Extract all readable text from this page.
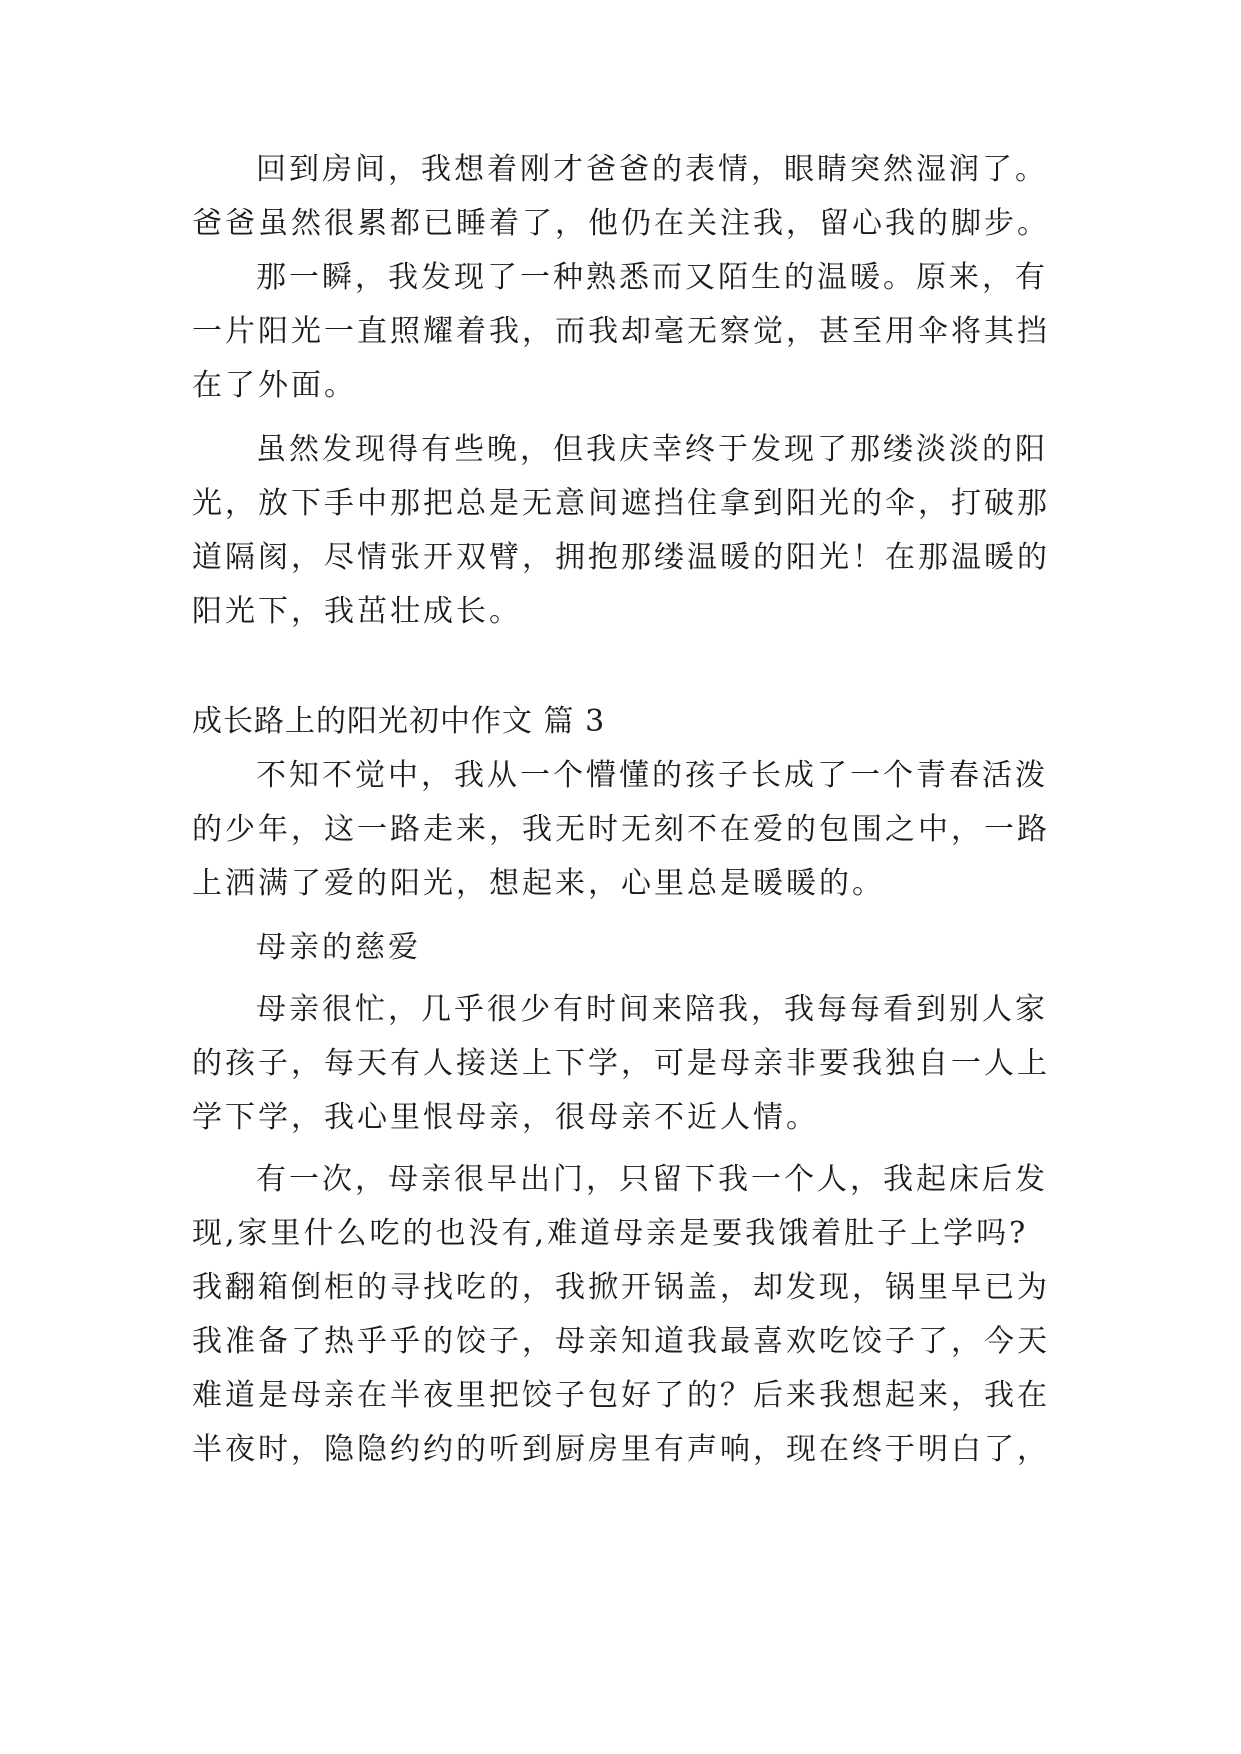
回到房间，我想着刚才爸爸的表情，眼睛突然湿润了。

爸爸虽然很累都已睡着了，他仍在关注我，留心我的脚步。

那一瞬，我发现了一种熟悉而又陌生的温暖。原来，有

一片阳光一直照耀着我，而我却毫无察觉，甚至用伞将其挡

在了外面。

虽然发现得有些晚，但我庆幸终于发现了那缕淡淡的阳

光，放下手中那把总是无意间遮挡住拿到阳光的伞，打破那

道隔阂，尽情张开双臂，拥抱那缕温暖的阳光！在那温暖的

阳光下，我茁壮成长。

成长路上的阳光初中作文 篇 3

不知不觉中，我从一个懵懂的孩子长成了一个青春活泼

的少年，这一路走来，我无时无刻不在爱的包围之中，一路

上洒满了爱的阳光，想起来，心里总是暖暖的。

母亲的慈爱

母亲很忙，几乎很少有时间来陪我，我每每看到别人家

的孩子，每天有人接送上下学，可是母亲非要我独自一人上

学下学，我心里恨母亲，很母亲不近人情。

有一次，母亲很早出门，只留下我一个人，我起床后发

现,家里什么吃的也没有,难道母亲是要我饿着肚子上学吗?

我翻箱倒柜的寻找吃的，我掀开锅盖，却发现，锅里早已为

我准备了热乎乎的饺子，母亲知道我最喜欢吃饺子了，今天

难道是母亲在半夜里把饺子包好了的？后来我想起来，我在

半夜时，隐隐约约的听到厨房里有声响，现在终于明白了，
